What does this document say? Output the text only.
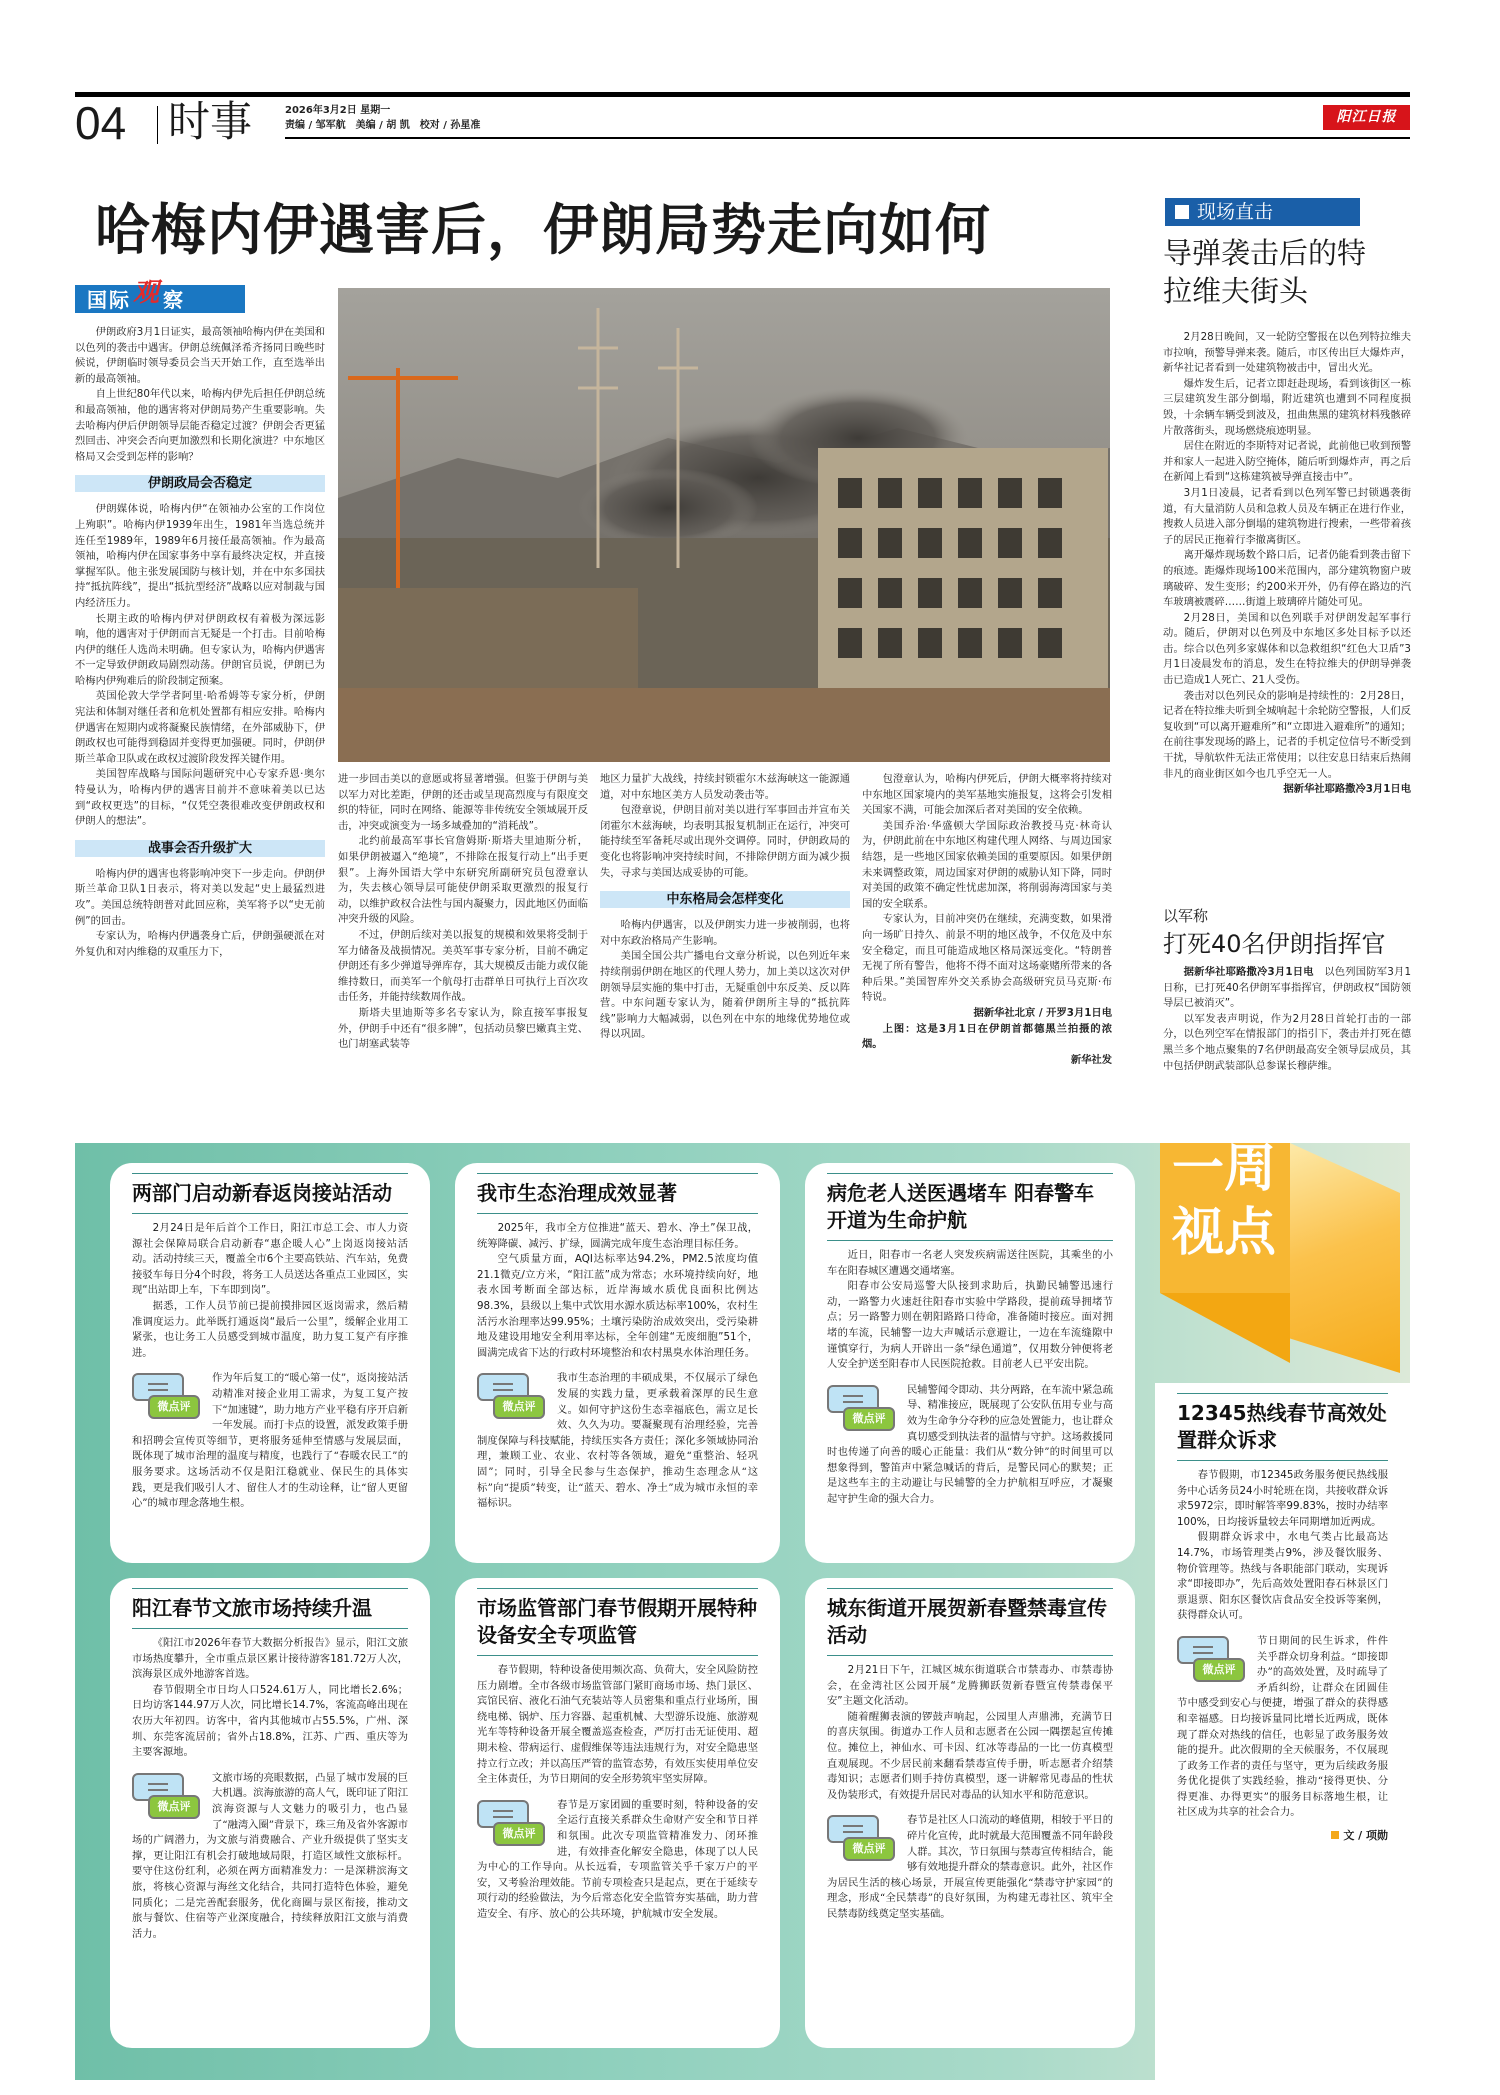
04 时事	2026年3月2日 星期一
责编 / 邹军航　美编 / 胡 凯　校对 / 孙星准
阳江日报
哈梅内伊遇害后，伊朗局势走向如何
国际观 察

伊朗政府3月1日证实，最高领袖哈梅内伊在美国和以色列的袭击中遇害。伊朗总统佩泽希齐扬同日晚些时候说，伊朗临时领导委员会当天开始工作，直至选举出新的最高领袖。

自上世纪80年代以来，哈梅内伊先后担任伊朗总统和最高领袖，他的遇害将对伊朗局势产生重要影响。失去哈梅内伊后伊朗领导层能否稳定过渡？伊朗会否更猛烈回击、冲突会否向更加激烈和长期化演进？中东地区格局又会受到怎样的影响？

伊朗政局会否稳定

伊朗媒体说，哈梅内伊“在领袖办公室的工作岗位上殉职”。哈梅内伊1939年出生，1981年当选总统并连任至1989年，1989年6月接任最高领袖。作为最高领袖，哈梅内伊在国家事务中享有最终决定权，并直接掌握军队。他主张发展国防与核计划，并在中东多国扶持“抵抗阵线”，提出“抵抗型经济”战略以应对制裁与国内经济压力。

长期主政的哈梅内伊对伊朗政权有着极为深远影响，他的遇害对于伊朗而言无疑是一个打击。目前哈梅内伊的继任人选尚未明确。但专家认为，哈梅内伊遇害不一定导致伊朗政局剧烈动荡。伊朗官员说，伊朗已为哈梅内伊殉难后的阶段制定预案。

英国伦敦大学学者阿里·哈希姆等专家分析，伊朗宪法和体制对继任者和危机处置都有相应安排。哈梅内伊遇害在短期内或将凝聚民族情绪，在外部威胁下，伊朗政权也可能得到稳固并变得更加强硬。同时，伊朗伊斯兰革命卫队或在政权过渡阶段发挥关键作用。

美国智库战略与国际问题研究中心专家乔恩·奥尔特曼认为，哈梅内伊的遇害目前并不意味着美以已达到“政权更迭”的目标，“仅凭空袭很难改变伊朗政权和伊朗人的想法”。

战事会否升级扩大

哈梅内伊的遇害也将影响冲突下一步走向。伊朗伊斯兰革命卫队1日表示，将对美以发起“史上最猛烈进攻”。美国总统特朗普对此回应称，美军将予以“史无前例”的回击。

专家认为，哈梅内伊遇袭身亡后，伊朗强硬派在对外复仇和对内维稳的双重压力下，

进一步回击美以的意愿或将显著增强。但鉴于伊朗与美以军力对比差距，伊朗的还击或呈现高烈度与有限度交织的特征，同时在网络、能源等非传统安全领域展开反击，冲突或演变为一场多域叠加的“消耗战”。

北约前最高军事长官詹姆斯·斯塔夫里迪斯分析，如果伊朗被逼入“绝境”，不排除在报复行动上“出手更狠”。上海外国语大学中东研究所副研究员包澄章认为，失去核心领导层可能使伊朗采取更激烈的报复行动，以维护政权合法性与国内凝聚力，因此地区仍面临冲突升级的风险。

不过，伊朗后续对美以报复的规模和效果将受制于军力储备及战损情况。美英军事专家分析，目前不确定伊朗还有多少弹道导弹库存，其大规模反击能力或仅能维持数日，而美军一个航母打击群单日可执行上百次攻击任务，并能持续数周作战。

斯塔夫里迪斯等多名专家认为，除直接军事报复外，伊朗手中还有“很多牌”，包括动员黎巴嫩真主党、也门胡塞武装等

地区力量扩大战线，持续封锁霍尔木兹海峡这一能源通道，对中东地区美方人员发动袭击等。

包澄章说，伊朗目前对美以进行军事回击并宣布关闭霍尔木兹海峡，均表明其报复机制正在运行，冲突可能持续至军备耗尽或出现外交调停。同时，伊朗政局的变化也将影响冲突持续时间，不排除伊朗方面为减少损失，寻求与美国达成妥协的可能。

中东格局会怎样变化

哈梅内伊遇害，以及伊朗实力进一步被削弱，也将对中东政治格局产生影响。

美国全国公共广播电台文章分析说，以色列近年来持续削弱伊朗在地区的代理人势力，加上美以这次对伊朗领导层实施的集中打击，无疑重创中东反美、反以阵营。中东问题专家认为，随着伊朗所主导的“抵抗阵线”影响力大幅减弱，以色列在中东的地缘优势地位或得以巩固。

包澄章认为，哈梅内伊死后，伊朗大概率将持续对中东地区国家境内的美军基地实施报复，这将会引发相关国家不满，可能会加深后者对美国的安全依赖。

美国乔治·华盛顿大学国际政治教授马克·林奇认为，伊朗此前在中东地区构建代理人网络、与周边国家结怨，是一些地区国家依赖美国的重要原因。如果伊朗未来调整政策，周边国家对伊朗的威胁认知下降，同时对美国的政策不确定性忧虑加深，将削弱海湾国家与美国的安全联系。

专家认为，目前冲突仍在继续，充满变数，如果滑向一场旷日持久、前景不明的地区战争，不仅危及中东安全稳定，而且可能造成地区格局深远变化。“特朗普无视了所有警告，他将不得不面对这场豪赌所带来的各种后果。”美国智库外交关系协会高级研究员马克斯·布特说。

据新华社北京 / 开罗3月1日电
上图：这是3月1日在伊朗首都德黑兰拍摄的浓烟。
新华社发
现场直击
导弹袭击后的特拉维夫街头

2月28日晚间，又一轮防空警报在以色列特拉维夫市拉响，预警导弹来袭。随后，市区传出巨大爆炸声，新华社记者看到一处建筑物被击中，冒出火光。

爆炸发生后，记者立即赶赴现场，看到该街区一栋三层建筑发生部分倒塌，附近建筑也遭到不同程度损毁，十余辆车辆受到波及，扭曲焦黑的建筑材料残骸碎片散落街头，现场燃烧痕迹明显。

居住在附近的李斯特对记者说，此前他已收到预警并和家人一起进入防空掩体，随后听到爆炸声，再之后在新闻上看到“这栋建筑被导弹直接击中”。

3月1日凌晨，记者看到以色列军警已封锁遇袭街道，有大量消防人员和急救人员及车辆正在进行作业，搜救人员进入部分倒塌的建筑物进行搜索，一些带着孩子的居民正拖着行李撤离街区。

离开爆炸现场数个路口后，记者仍能看到袭击留下的痕迹。距爆炸现场100米范围内，部分建筑物窗户玻璃破碎、发生变形；约200米开外，仍有停在路边的汽车玻璃被震碎……街道上玻璃碎片随处可见。

2月28日，美国和以色列联手对伊朗发起军事行动。随后，伊朗对以色列及中东地区多处目标予以还击。综合以色列多家媒体和以急救组织“红色大卫盾”3月1日凌晨发布的消息，发生在特拉维夫的伊朗导弹袭击已造成1人死亡、21人受伤。

袭击对以色列民众的影响是持续性的：2月28日，记者在特拉维夫听到全城响起十余轮防空警报，人们反复收到“可以离开避难所”和“立即进入避难所”的通知；在前往事发现场的路上，记者的手机定位信号不断受到干扰，导航软件无法正常使用；以往安息日结束后热闹非凡的商业街区如今也几乎空无一人。

据新华社耶路撒冷3月1日电
以军称
打死40名伊朗指挥官

据新华社耶路撒冷3月1日电　 以色列国防军3月1日称，已打死40名伊朗军事指挥官，伊朗政权“国防领导层已被消灭”。

以军发表声明说，作为2月28日首轮打击的一部分，以色列空军在情报部门的指引下，袭击并打死在德黑兰多个地点聚集的7名伊朗最高安全领导层成员，其中包括伊朗武装部队总参谋长穆萨维。

一周
视点
两部门启动新春返岗接站活动

2月24日是年后首个工作日，阳江市总工会、市人力资源社会保障局联合启动新春“惠企暖人心”上岗返岗接站活动。活动持续三天，覆盖全市6个主要高铁站、汽车站，免费接驳车每日分4个时段，将务工人员送达各重点工业园区，实现“出站即上车，下车即到岗”。

据悉，工作人员节前已提前摸排园区返岗需求，然后精准调度运力。此举既打通返岗“最后一公里”，缓解企业用工紧张，也让务工人员感受到城市温度，助力复工复产有序推进。

微点评
作为年后复工的“暖心第一仗”，返岗接站活动精准对接企业用工需求，为复工复产按下“加速键”，助力地方产业平稳有序开启新一年发展。而打卡点的设置，派发政策手册和招聘会宣传页等细节，更将服务延伸至情感与发展层面，既体现了城市治理的温度与精度，也践行了“春暖农民工”的服务要求。这场活动不仅是阳江稳就业、保民生的具体实践，更是我们吸引人才、留住人才的生动诠释，让“留人更留心”的城市理念落地生根。
我市生态治理成效显著

2025年，我市全方位推进“蓝天、碧水、净土”保卫战，统筹降碳、减污、扩绿，圆满完成年度生态治理目标任务。

空气质量方面，AQI达标率达94.2%，PM2.5浓度均值21.1微克/立方米，“阳江蓝”成为常态；水环境持续向好，地表水国考断面全部达标，近岸海域水质优良面积比例达98.3%，县级以上集中式饮用水源水质达标率100%，农村生活污水治理率达99.95%；土壤污染防治成效突出，受污染耕地及建设用地安全利用率达标，全年创建“无废细胞”51个，圆满完成省下达的行政村环境整治和农村黑臭水体治理任务。

微点评
我市生态治理的丰硕成果，不仅展示了绿色发展的实践力量，更承载着深厚的民生意义。如何守护这份生态幸福底色，需立足长效、久久为功。要凝聚现有治理经验，完善制度保障与科技赋能，持续压实各方责任；深化多领域协同治理，兼顾工业、农业、农村等各领域，避免“重整治、轻巩固”；同时，引导全民参与生态保护，推动生态理念从“这标”向“提质”转变，让“蓝天、碧水、净土”成为城市永恒的幸福标识。
病危老人送医遇堵车 阳春警车开道为生命护航

近日，阳春市一名老人突发疾病需送往医院，其乘坐的小车在阳春城区遭遇交通堵塞。

阳春市公安局巡警大队接到求助后，执勤民辅警迅速行动，一路警力火速赶往阳春市实验中学路段，提前疏导拥堵节点；另一路警力则在朝阳路路口待命，准备随时接应。面对拥堵的车流，民辅警一边大声喊话示意避让，一边在车流缝隙中谨慎穿行，为病人开辟出一条“绿色通道”，仅用数分钟便将老人安全护送至阳春市人民医院抢救。目前老人已平安出院。

微点评
民辅警闻令即动、共分两路，在车流中紧急疏导、精准接应，既展现了公安队伍用专业与高效为生命争分夺秒的应急处置能力，也让群众真切感受到执法者的温情与守护。这场救援同时也传递了向善的暖心正能量：我们从“数分钟”的时间里可以想象得到，警笛声中紧急喊话的背后，是警民同心的默契；正是这些车主的主动避让与民辅警的全力护航相互呼应，才凝聚起守护生命的强大合力。
阳江春节文旅市场持续升温

《阳江市2026年春节大数据分析报告》显示，阳江文旅市场热度攀升，全市重点景区累计接待游客181.72万人次，滨海景区成外地游客首选。

春节假期全市日均人口524.61万人，同比增长2.6%；日均访客144.97万人次，同比增长14.7%，客流高峰出现在农历大年初四。访客中，省内其他城市占55.5%，广州、深圳、东莞客流居前；省外占18.8%，江苏、广西、重庆等为主要客源地。

微点评
文旅市场的亮眼数据，凸显了城市发展的巨大机遇。滨海旅游的高人气，既印证了阳江滨海资源与人文魅力的吸引力，也凸显了“融湾入圈”背景下，珠三角及省外客源市场的广阔潜力，为文旅与消费融合、产业升级提供了坚实支撑，更让阳江有机会打破地域局限，打造区域性文旅标杆。要守住这份红利，必须在两方面精准发力：一是深耕滨海文旅，将核心资源与海丝文化结合，共同打造特色体验，避免同质化；二是完善配套服务，优化商圈与景区衔接，推动文旅与餐饮、住宿等产业深度融合，持续释放阳江文旅与消费活力。
市场监管部门春节假期开展特种设备安全专项监管

春节假期，特种设备使用频次高、负荷大，安全风险防控压力剧增。全市各级市场监管部门紧盯商场市场、热门景区、宾馆民宿、液化石油气充装站等人员密集和重点行业场所，围绕电梯、锅炉、压力容器、起重机械、大型游乐设施、旅游观光车等特种设备开展全覆盖巡查检查，严厉打击无证使用、超期未检、带病运行、虚假维保等违法违规行为，对安全隐患坚持立行立改；并以高压严管的监管态势，有效压实使用单位安全主体责任，为节日期间的安全形势筑牢坚实屏障。

微点评
春节是万家团圆的重要时刻，特种设备的安全运行直接关系群众生命财产安全和节日祥和氛围。此次专项监管精准发力、闭环推进，有效排查化解安全隐患，体现了以人民为中心的工作导向。从长远看，专项监管关乎千家万户的平安，又考验治理效能。节前专项检查只是起点，更在于延续专项行动的经验做法，为今后常态化安全监管夯实基础，助力营造安全、有序、放心的公共环境，护航城市安全发展。
城东街道开展贺新春暨禁毒宣传活动

2月21日下午，江城区城东街道联合市禁毒办、市禁毒协会，在金湾社区公园开展“龙腾狮跃贺新春暨宣传禁毒保平安”主题文化活动。

随着醒狮表演的锣鼓声响起，公园里人声鼎沸，充满节日的喜庆氛围。街道办工作人员和志愿者在公园一隅摆起宣传摊位。摊位上，神仙水、可卡因、红冰等毒品的一比一仿真模型直观展现。不少居民前来翻看禁毒宣传手册，听志愿者介绍禁毒知识；志愿者们则手持仿真模型，逐一讲解常见毒品的性状及伪装形式，有效提升居民对毒品的认知水平和防范意识。

微点评
春节是社区人口流动的峰值期，相较于平日的碎片化宣传，此时就最大范围覆盖不同年龄段人群。其次，节日氛围与禁毒宣传相结合，能够有效地提升群众的禁毒意识。此外，社区作为居民生活的核心场景，开展宣传更能强化“禁毒守护家园”的理念，形成“全民禁毒”的良好氛围，为构建无毒社区、筑牢全民禁毒防线奠定坚实基础。
12345热线春节高效处置群众诉求

春节假期，市12345政务服务便民热线服务中心话务员24小时轮班在岗，共接收群众诉求5972宗，即时解答率99.83%，按时办结率100%，日均接诉量较去年同期增加近两成。

假期群众诉求中，水电气类占比最高达14.7%，市场管理类占9%，涉及餐饮服务、物价管理等。热线与各职能部门联动，实现诉求“即接即办”，先后高效处置阳春石林景区门票退票、阳东区餐饮店食品安全投诉等案例，获得群众认可。

微点评
节日期间的民生诉求，件件关乎群众切身利益。“即接即办”的高效处置，及时疏导了矛盾纠纷，让群众在团圆佳节中感受到安心与便捷，增强了群众的获得感和幸福感。日均接诉量同比增长近两成，既体现了群众对热线的信任，也彰显了政务服务效能的提升。此次假期的全天候服务，不仅展现了政务工作者的责任与坚守，更为后续政务服务优化提供了实践经验，推动“接得更快、分得更准、办得更实”的服务目标落地生根，让社区成为共享的社会合力。
文 / 项勋
